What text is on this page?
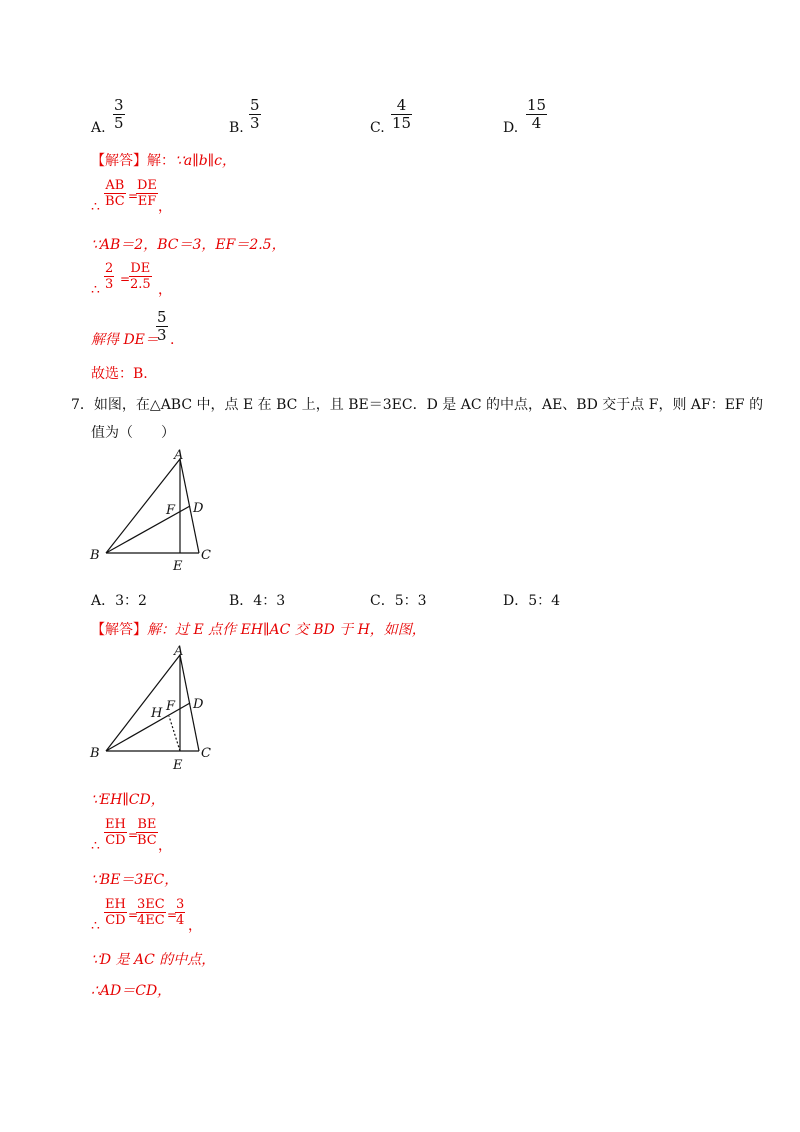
A. $\frac{3}{5}$	B. $\frac{5}{3}$	C. $\frac{4}{15}$	D. $\frac{15}{4}$
【解答】解：∵a∥b∥c，
∴ $\frac{AB}{BC}$ =
$\frac{DE}{EF}$ ，
∵AB＝2，BC＝3，EF＝2.5，
∴ $\frac{2}{3}$ =
$\frac{DE}{2.5}$ ，
解得 DE＝
$\frac{5}{3}$ .
故选：B.
7．如图，在△ABC 中，点 E 在 BC 上，且 BE＝3EC．D 是 AC 的中点，AE、BD 交于点 F，则 AF：EF 的
值为（　　）
A
B	C
D
E
F
A．3：2	B．4：3	C．5：3	D．5：4
【解答】解：过 E 点作 EH∥AC 交 BD 于 H，如图，
A
B	C
D
E
F
H
∵EH∥CD，
∴ $\frac{EH}{CD}$ =
$\frac{BE}{BC}$ ，
∵BE＝3EC，
∴ $\frac{EH}{CD}$ =
$\frac{3EC}{4EC}$ =
$\frac{3}{4}$ ，
∵D 是 AC 的中点，
∴AD＝CD，
